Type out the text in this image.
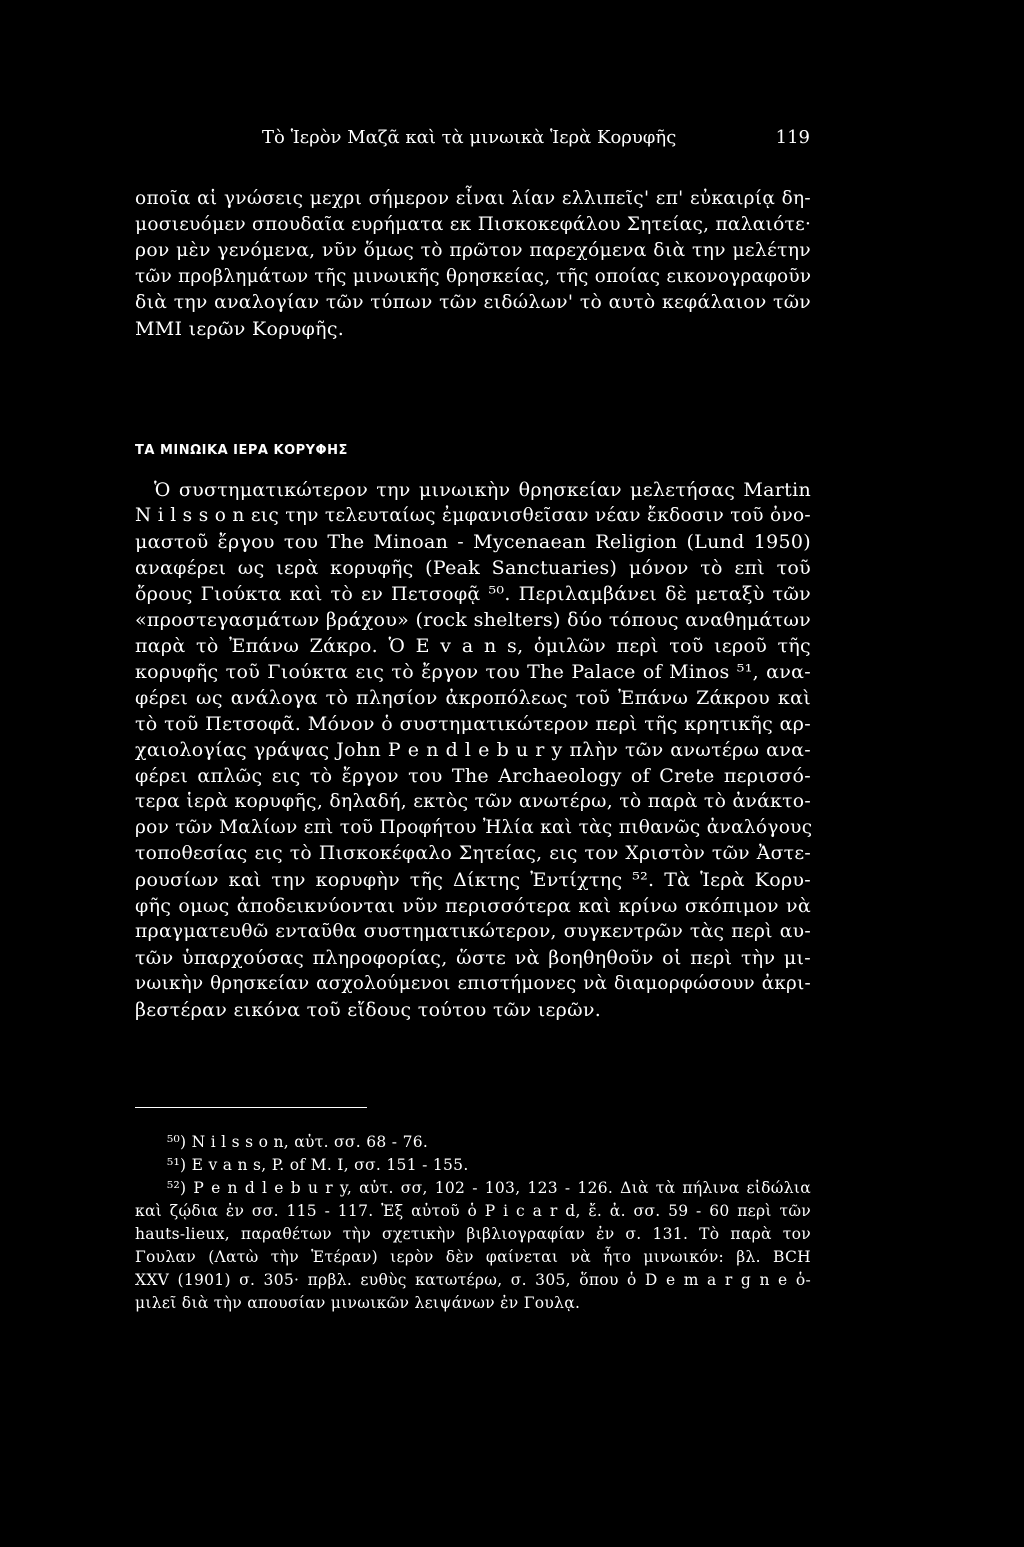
Τὸ Ἱερὸν Μαζᾶ καὶ τὰ μινωικὰ Ἱερὰ Κορυφῆς	119
οποῖα αἱ γνώσεις μεχρι σήμερον εἶναι λίαν ελλιπεῖς' επ' εὐκαιρίᾳ δη-
μοσιευόμεν σπουδαῖα ευρήματα εκ Πισκοκεφάλου Σητείας, παλαιότε·
ρον μὲν γενόμενα, νῦν ὅμως τὸ πρῶτον παρεχόμενα διὰ την μελέτην
τῶν προβλημάτων τῆς μινωικῆς θρησκείας, τῆς οποίας εικονογραφοῦν
διὰ την αναλογίαν τῶν τύπων τῶν ειδώλων' τὸ αυτὸ κεφάλαιον τῶν
ΜΜΙ ιερῶν Κορυφῆς.
ΤΑ ΜΙΝΩΙΚΑ ΙΕΡΑ ΚΟΡΥΦΗΣ
Ὁ συστηματικώτερον την μινωικὴν θρησκείαν μελετήσας Martin
N i l s s o n εις την τελευταίως ἐμφανισθεῖσαν νέαν ἔκδοσιν τοῦ ὀνο-
μαστοῦ ἔργου του The Minoan - Mycenaean Religion (Lund 1950)
αναφέρει ως ιερὰ κορυφῆς (Peak Sanctuaries) μόνον τὸ επὶ τοῦ
ὄρους Γιούκτα καὶ τὸ εν Πετσοφᾷ ⁵⁰. Περιλαμβάνει δὲ μεταξὺ τῶν
«προστεγασμάτων βράχου» (rock shelters) δύο τόπους αναθημάτων
παρὰ τὸ Ἐπάνω Ζάκρο. Ὁ E v a n s, ὁμιλῶν περὶ τοῦ ιεροῦ τῆς
κορυφῆς τοῦ Γιούκτα εις τὸ ἔργον του The Palace of Minos ⁵¹, ανα-
φέρει ως ανάλογα τὸ πλησίον ἀκροπόλεως τοῦ Ἐπάνω Ζάκρου καὶ
τὸ τοῦ Πετσοφᾶ. Μόνον ὁ συστηματικώτερον περὶ τῆς κρητικῆς αρ-
χαιολογίας γράψας John P e n d l e b u r y πλὴν τῶν ανωτέρω ανα-
φέρει απλῶς εις τὸ ἔργον του The Archaeology of Crete περισσό-
τερα ἱερὰ κορυφῆς, δηλαδή, εκτὸς τῶν ανωτέρω, τὸ παρὰ τὸ ἀνάκτο-
ρον τῶν Μαλίων επὶ τοῦ Προφήτου Ἠλία καὶ τὰς πιθανῶς ἀναλόγους
τοποθεσίας εις τὸ Πισκοκέφαλο Σητείας, εις τον Χριστὸν τῶν Ἀστε-
ρουσίων καὶ την κορυφὴν τῆς Δίκτης Ἐντίχτης ⁵². Τὰ Ἱερὰ Κορυ-
φῆς ομως ἀποδεικνύονται νῦν περισσότερα καὶ κρίνω σκόπιμον νὰ
πραγματευθῶ ενταῦθα συστηματικώτερον, συγκεντρῶν τὰς περὶ αυ-
τῶν ὑπαρχούσας πληροφορίας, ὥστε νὰ βοηθηθοῦν οἱ περὶ τὴν μι-
νωικὴν θρησκείαν ασχολούμενοι επιστήμονες νὰ διαμορφώσουν ἀκρι-
βεστέραν εικόνα τοῦ εἴδους τούτου τῶν ιερῶν.
⁵⁰) N i l s s o n, αὐτ. σσ. 68 - 76.
⁵¹) E v a n s, P. of M. I, σσ. 151 - 155.
⁵²) P e n d l e b u r y, αὐτ. σσ, 102 - 103, 123 - 126. Διὰ τὰ πήλινα εἰδώλια
καὶ ζῴδια ἐν σσ. 115 - 117. Ἐξ αὐτοῦ ὁ P i c a r d, ἔ. ἀ. σσ. 59 - 60 περὶ τῶν
hauts-lieux, παραθέτων τὴν σχετικὴν βιβλιογραφίαν ἐν σ. 131. Τὸ παρὰ τον
Γουλαν (Λατὼ τὴν Ἑτέραν) ιερὸν δὲν φαίνεται νὰ ἦτο μινωικόν: βλ. BCH
XXV (1901) σ. 305· πρβλ. ευθὺς κατωτέρω, σ. 305, ὅπου ὁ D e m a r g n e ὁ-
μιλεῖ διὰ τὴν απουσίαν μινωικῶν λειψάνων ἐν Γουλᾳ.
